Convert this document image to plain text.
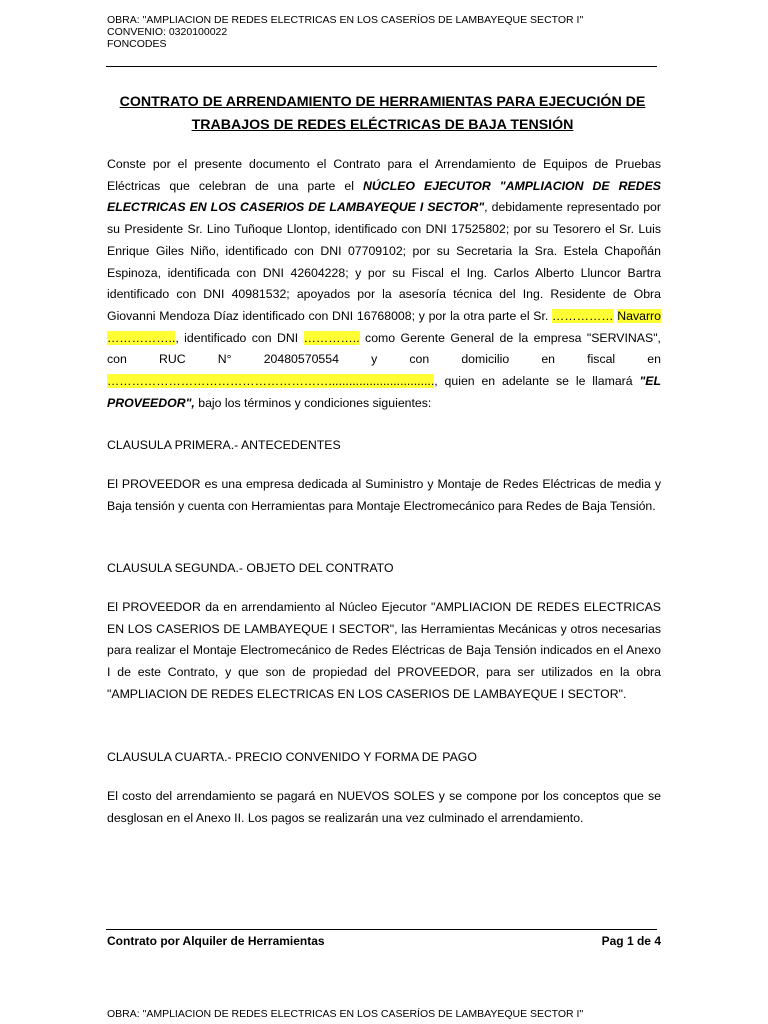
OBRA: "AMPLIACION DE REDES ELECTRICAS EN LOS CASERÍOS DE LAMBAYEQUE SECTOR I"
CONVENIO: 0320100022
FONCODES
CONTRATO DE ARRENDAMIENTO DE HERRAMIENTAS PARA EJECUCIÓN DE
TRABAJOS DE REDES ELÉCTRICAS DE BAJA TENSIÓN
Conste por el presente documento el Contrato para el Arrendamiento de Equipos de Pruebas Eléctricas que celebran de una parte el NÚCLEO EJECUTOR "AMPLIACION DE REDES ELECTRICAS EN LOS CASERIOS DE LAMBAYEQUE I SECTOR", debidamente representado por su Presidente Sr. Lino Tuñoque Llontop, identificado con DNI 17525802; por su Tesorero el Sr. Luis Enrique Giles Niño, identificado con DNI 07709102; por su Secretaria la Sra. Estela Chapoñán Espinoza, identificada con DNI 42604228; y por su Fiscal el Ing. Carlos Alberto Lluncor Bartra identificado con DNI 40981532; apoyados por la asesoría técnica del Ing. Residente de Obra Giovanni Mendoza Díaz identificado con DNI 16768008; y por la otra parte el Sr. …………… Navarro …………….., identificado con DNI ………….. como Gerente General de la empresa "SERVINAS", con RUC N° 20480570554 y con domicilio en fiscal en ………………………………………………..............................., quien en adelante se le llamará "EL PROVEEDOR", bajo los términos y condiciones siguientes:
CLAUSULA PRIMERA.- ANTECEDENTES
El PROVEEDOR es una empresa dedicada al Suministro y Montaje de Redes Eléctricas de media y Baja tensión y cuenta con Herramientas para Montaje Electromecánico para Redes de Baja Tensión.
CLAUSULA SEGUNDA.- OBJETO DEL CONTRATO
El PROVEEDOR da en arrendamiento al Núcleo Ejecutor "AMPLIACION DE REDES ELECTRICAS EN LOS CASERIOS DE LAMBAYEQUE I SECTOR", las Herramientas Mecánicas y otros necesarias para realizar el Montaje Electromecánico de Redes Eléctricas de Baja Tensión indicados en el Anexo I de este Contrato, y que son de propiedad del PROVEEDOR, para ser utilizados en la obra "AMPLIACION DE REDES ELECTRICAS EN LOS CASERIOS DE LAMBAYEQUE I SECTOR".
CLAUSULA CUARTA.- PRECIO CONVENIDO Y FORMA DE PAGO
El costo del arrendamiento se pagará en NUEVOS SOLES y se compone por los conceptos que se desglosan en el Anexo II. Los pagos se realizarán una vez culminado el arrendamiento.
Contrato por Alquiler de Herramientas	Pag 1 de 4
OBRA: "AMPLIACION DE REDES ELECTRICAS EN LOS CASERÍOS DE LAMBAYEQUE SECTOR I"
